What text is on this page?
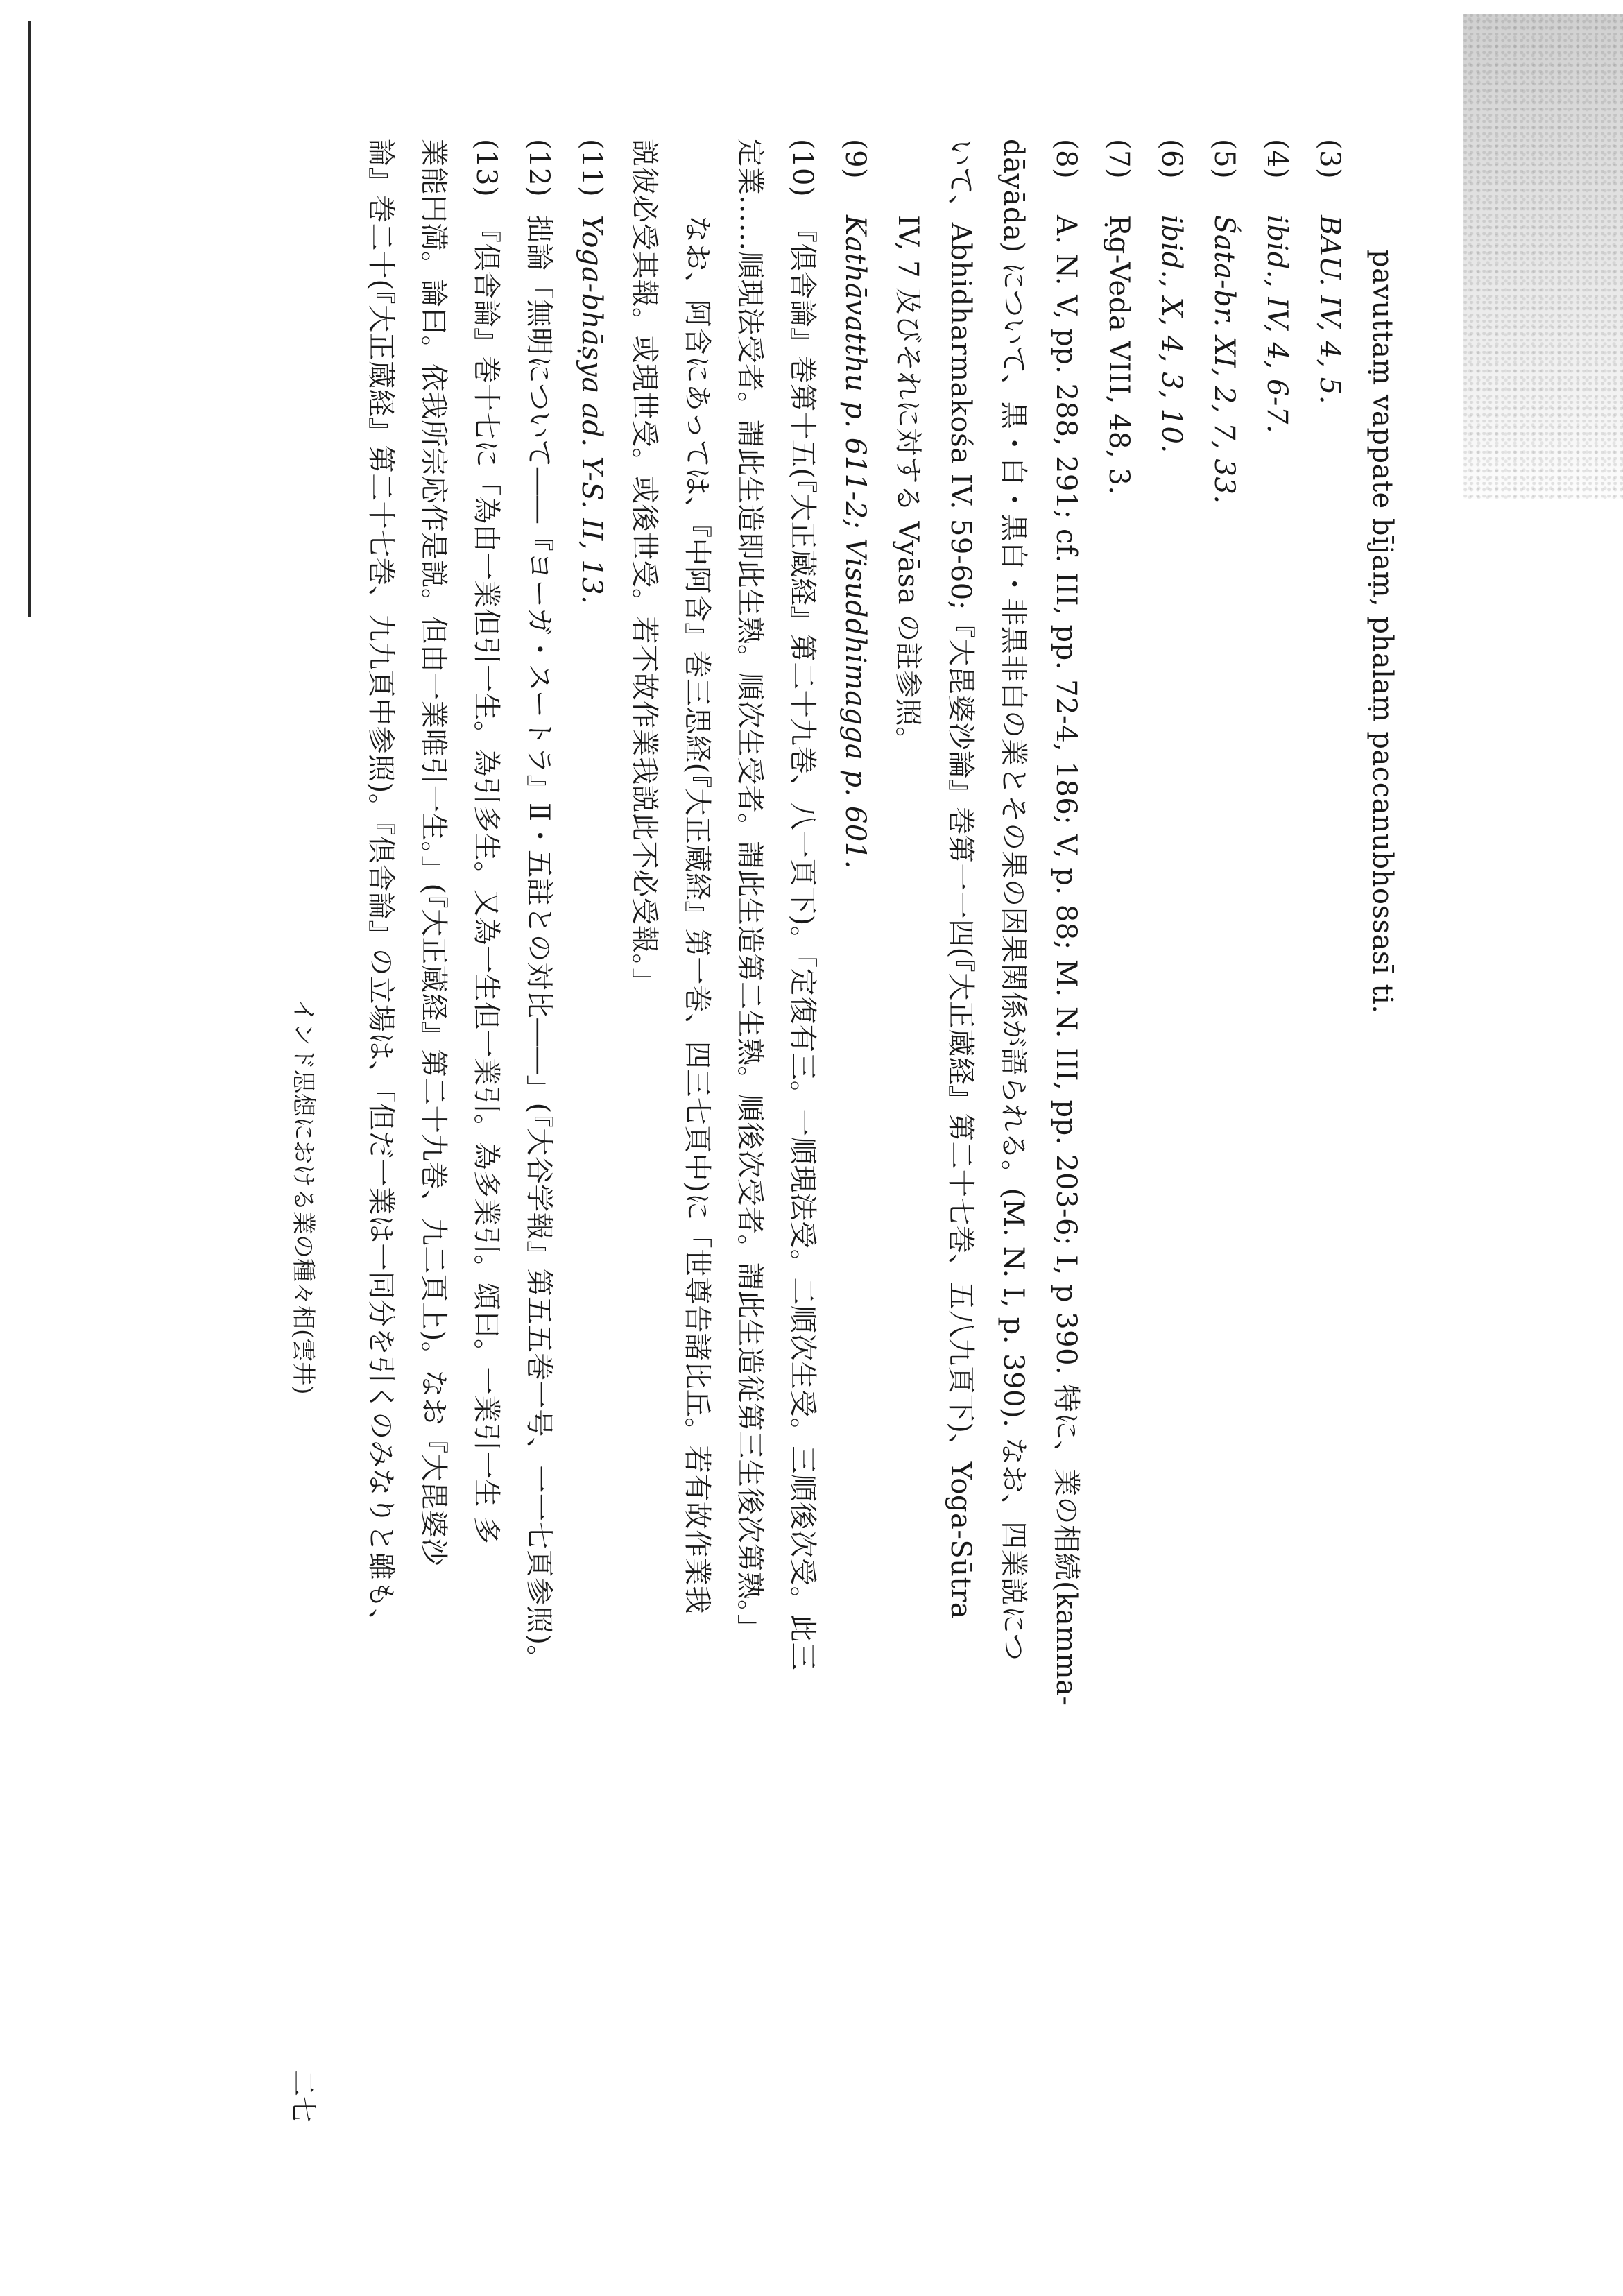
pavuttaṃ vappate bījaṃ, phalaṃ paccanubhossasī ti.
(3)BAU. IV, 4, 5.
(4)ibid., IV, 4, 6-7.
(5)Śata-br. XI, 2, 7, 33.
(6)ibid., X, 4, 3, 10.
(7)Ṛg-Veda VIII, 48, 3.
(8)A. N. V, pp. 288, 291; cf. III, pp. 72-4, 186; V, p. 88; M. N. III, pp. 203-6; I, p 390. 特に、業の相続(kamma-
dāyāda) について、黒・白・黒白・非黒非白の業とその果の因果関係が語られる。(M. N. I, p. 390). なお、四業説につ
いて、Abhidharmakośa IV. 59-60;『大毘婆沙論』巻第一一四(『大正蔵経』第二十七巻、五八九頁下)、Yoga-Sūtra
IV, 7 及びそれに対する Vyāsa の註参照。
(9)Kathāvatthu p. 611-2; Visuddhimagga p. 601.
(10)『倶舎論』巻第十五(『大正蔵経』第二十九巻、八一頁下)。「定復有三。一順現法受。二順次生受。三順後次受。此三
定業……順現法受者。謂此生造即此生熟。順次生受者。謂此生造第二生熟。順後次受者。謂此生造従第三生後次第熟。」
なお、阿含にあっては、『中阿含』巻三思経(『大正蔵経』第一巻、四三七頁中)に「世尊告諸比丘。若有故作業我
説彼必受其報。或現世受。或後世受。若不故作業我説此不必受報。」
(11)Yoga-bhāṣya ad. Y-S. II, 13.
(12)拙論「無明について――『ヨーガ・スートラ』Ⅱ・五註との対比――」(『大谷学報』第五五巻一号、一一七頁参照)。
(13)『倶舎論』巻十七に「為由一業但引一生。為引多生。又為一生但一業引。為多業引。頌曰。一業引一生 多
業能円満。論曰。依我所宗応作是説。但由一業唯引一生。」(『大正蔵経』第二十九巻、九二頁上)。なお『大毘婆沙
論』巻二十(『大正蔵経』第二十七巻、九九頁中参照)。『倶舎論』の立場は、「但だ一業は一同分を引くのみなりと雖も、
インド思想における業の種々相(雲井)
二七
